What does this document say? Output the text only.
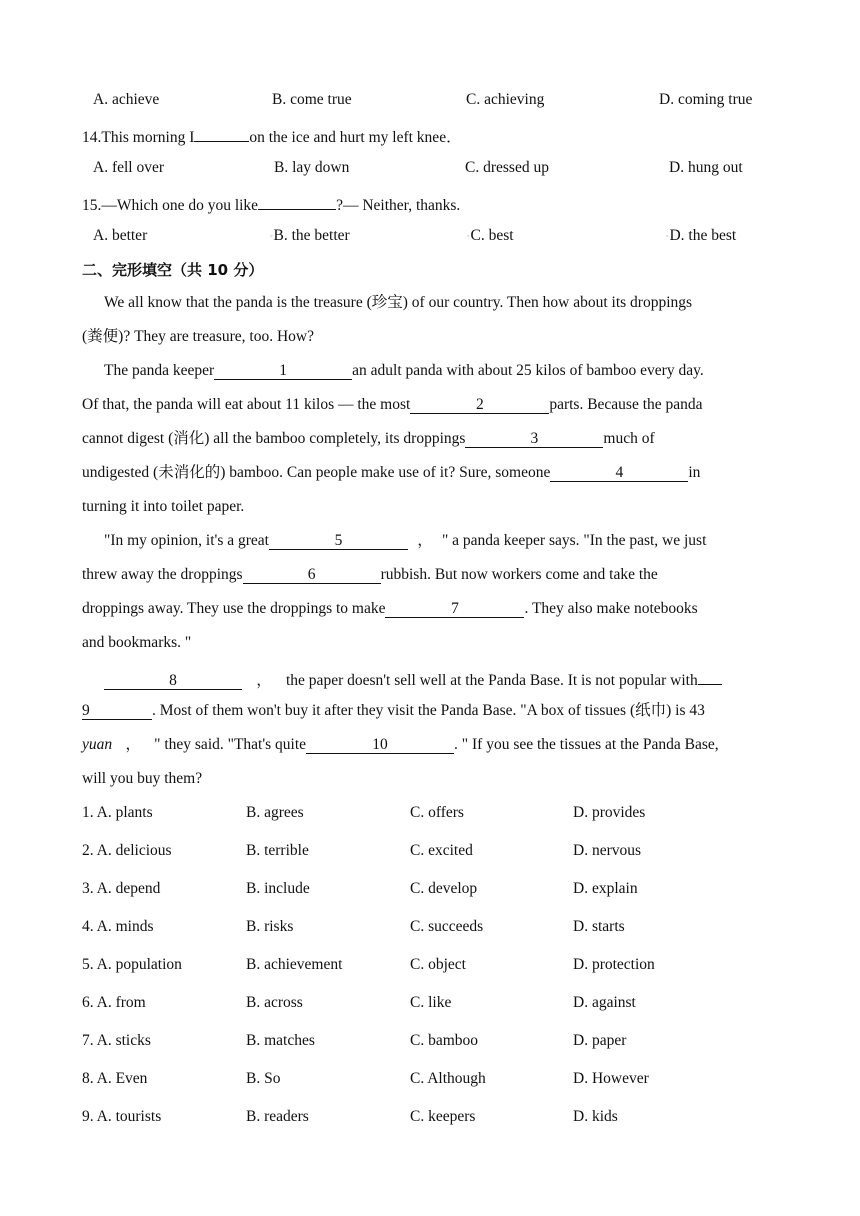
A. achieve	B. come true	C. achieving	D. coming true
14.This morning I	on the ice and hurt my left knee．
A. fell over	B. lay down	C. dressed up	D. hung out
15.—Which one do you like	?— Neither, thanks.
A. better	◦B. the better	◦C. best	◦D. the best
二、完形填空（共 10 分）
We all know that the panda is the treasure (珍宝) of our country. Then how about its droppings
(粪便)? They are treasure, too. How?
The panda keeper	1	an adult panda with about 25 kilos of bamboo every day.
Of that, the panda will eat about 11 kilos — the most	2	parts. Because the panda
cannot digest (消化) all the bamboo completely, its droppings	3	much of
undigested (未消化的) bamboo. Can people make use of it? Sure, someone	4	in
turning it into toilet paper.
"In my opinion, it's a great	5	， " a panda keeper says. "In the past, we just
threw away the droppings	6	rubbish. But now workers come and take the
droppings away. They use the droppings to make	7	. They also make notebooks
and bookmarks. "
8	， the paper doesn't sell well at the Panda Base. It is not popular with
9	. Most of them won't buy it after they visit the Panda Base. "A box of tissues (纸巾) is 43
yuan ， " they said. "That's quite	10	. " If you see the tissues at the Panda Base,
will you buy them?
1. A. plants	B. agrees	C. offers	D. provides
2. A. delicious	B. terrible	C. excited	D. nervous
3. A. depend	B. include	C. develop	D. explain
4. A. minds	B. risks	C. succeeds	D. starts
5. A. population	B. achievement	C. object	D. protection
6. A. from	B. across	C. like	D. against
7. A. sticks	B. matches	C. bamboo	D. paper
8. A. Even	B. So	C. Although	D. However
9. A. tourists	B. readers	C. keepers	D. kids
